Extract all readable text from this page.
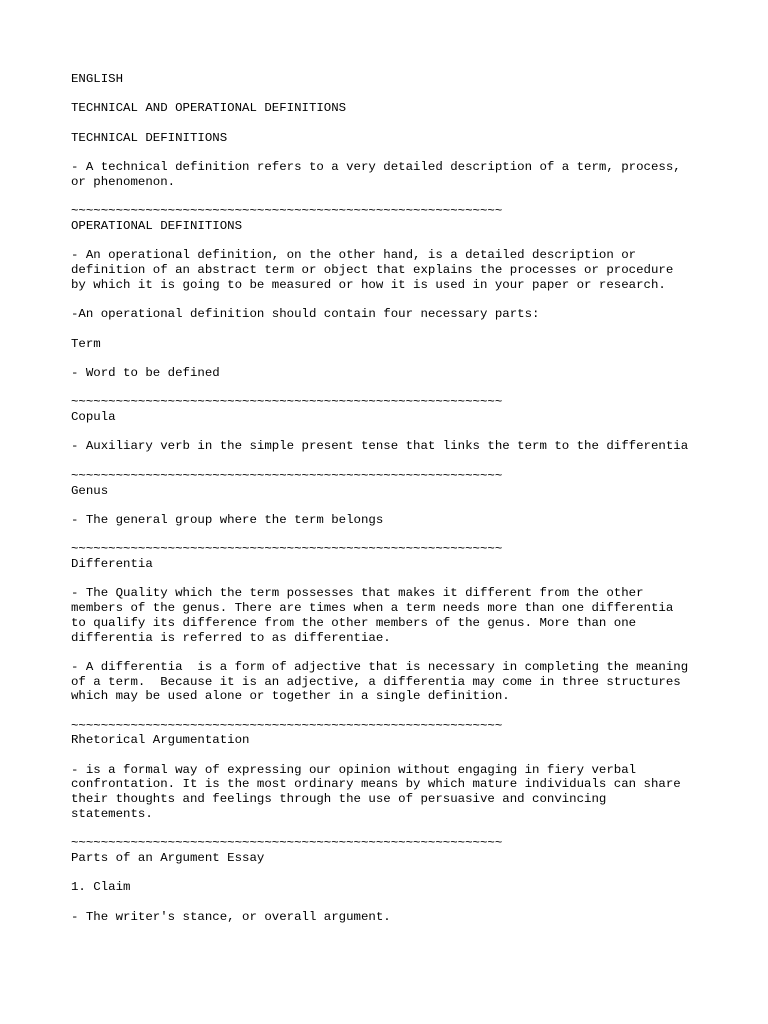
ENGLISH

TECHNICAL AND OPERATIONAL DEFINITIONS

TECHNICAL DEFINITIONS

- A technical definition refers to a very detailed description of a term, process,
or phenomenon.

~~~~~~~~~~~~~~~~~~~~~~~~~~~~~~~~~~~~~~~~~~~~~~~~~~~~~~~~~~

OPERATIONAL DEFINITIONS

- An operational definition, on the other hand, is a detailed description or
definition of an abstract term or object that explains the processes or procedure
by which it is going to be measured or how it is used in your paper or research.

-An operational definition should contain four necessary parts:

Term

- Word to be defined

~~~~~~~~~~~~~~~~~~~~~~~~~~~~~~~~~~~~~~~~~~~~~~~~~~~~~~~~~~

Copula

- Auxiliary verb in the simple present tense that links the term to the differentia

~~~~~~~~~~~~~~~~~~~~~~~~~~~~~~~~~~~~~~~~~~~~~~~~~~~~~~~~~~

Genus

- The general group where the term belongs

~~~~~~~~~~~~~~~~~~~~~~~~~~~~~~~~~~~~~~~~~~~~~~~~~~~~~~~~~~

Differentia

- The Quality which the term possesses that makes it different from the other
members of the genus. There are times when a term needs more than one differentia
to qualify its difference from the other members of the genus. More than one
differentia is referred to as differentiae.

- A differentia  is a form of adjective that is necessary in completing the meaning
of a term.  Because it is an adjective, a differentia may come in three structures
which may be used alone or together in a single definition.

~~~~~~~~~~~~~~~~~~~~~~~~~~~~~~~~~~~~~~~~~~~~~~~~~~~~~~~~~~

Rhetorical Argumentation

- is a formal way of expressing our opinion without engaging in fiery verbal
confrontation. It is the most ordinary means by which mature individuals can share
their thoughts and feelings through the use of persuasive and convincing
statements.

~~~~~~~~~~~~~~~~~~~~~~~~~~~~~~~~~~~~~~~~~~~~~~~~~~~~~~~~~~

Parts of an Argument Essay

1. Claim

- The writer's stance, or overall argument.
